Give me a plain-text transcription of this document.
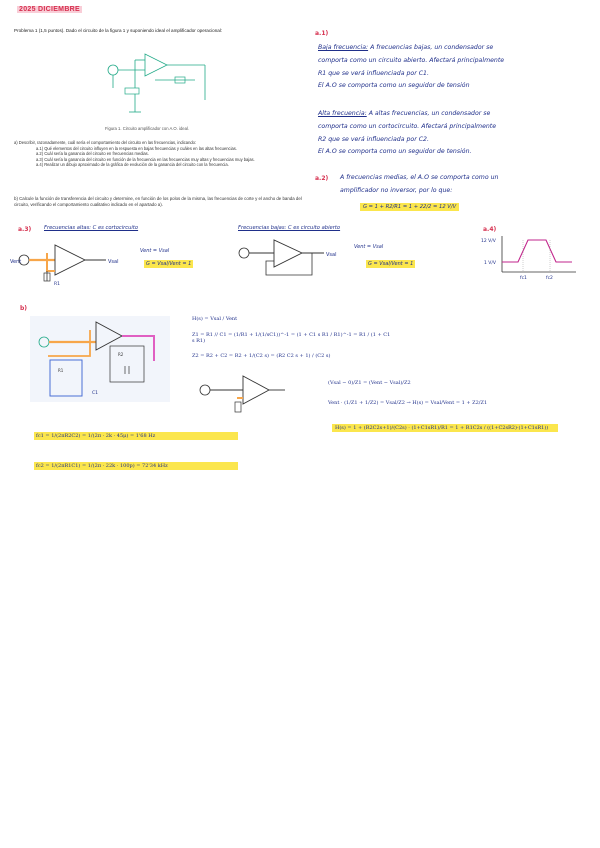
2025 DICIEMBRE
Problema 1 (1,5 puntos). Dado el circuito de la figura 1 y suponiendo ideal el amplificador operacional:
Figura 1. Circuito amplificador con A.O. ideal.
a) Describir, razonadamente, cuál sería el comportamiento del circuito en las frecuencias, indicando:
a.1) Qué elementos del circuito influyen en la respuesta en bajas frecuencias y cuáles en las altas frecuencias.
a.2) Cuál sería la ganancia del circuito en frecuencias medias.
a.3) Cuál sería la ganancia del circuito en función de la frecuencia en las frecuencias muy altas y frecuencias muy bajas.
a.4) Realizar un dibujo aproximado de la gráfica de evolución de la ganancia del circuito con la frecuencia.
b) Calcule la función de transferencia del circuito y determine, en función de los polos de la misma, las frecuencias de corte y el ancho de banda del circuito, verificando el comportamiento cualitativo indicado en el apartado a).
a.1)
Baja frecuencia: A frecuencias bajas, un condensador se
comporta como un circuito abierto. Afectará principalmente
R1 que se verá influenciada por C1.
El A.O se comporta como un seguidor de tensión
Alta frecuencia: A altas frecuencias, un condensador se
comporta como un cortocircuito. Afectará principalmente
R2 que se verá influenciada por C2.
El A.O se comporta como un seguidor de tensión.
a.2) A frecuencias medias, el A.O se comporta como un
amplificador no inversor, por lo que:
G = 1 + R2/R1 = 1 + 22/2 = 12 V/V
a.3) Frecuencias altas: C es cortocircuito	Frecuencias bajas: C es circuito abierto
Vent	Vsal
R1
Vent = Vsal
G = Vsal/Vent = 1
Vsal
Vent = Vsal
G = Vsal/Vent = 1
a.4)
12 V/V
1 V/V
fc1	fc2
b)
R2
R1
C1
H(s) = Vsal / Vent
Z1 = R1 // C1 = (1/R1 + 1/(1/sC1))^-1 = (1 + C1 s R1 / R1)^-1 = R1 / (1 + C1 s R1)
Z2 = R2 + C2 = R2 + 1/(C2 s) = (R2 C2 s + 1) / (C2 s)
(Vsal − 0)/Z1 = (Vent − Vsal)/Z2
Vent · (1/Z1 + 1/Z2) = Vsal/Z2 → H(s) = Vsal/Vent = 1 + Z2/Z1
H(s) = 1 + (R2C2s+1)/(C2s) · (1+C1sR1)/R1 = 1 + R1C2s / ((1+C2sR2)·(1+C1sR1))
fc1 = 1/(2πR2C2) = 1/(2π · 2k · 45μ) = 1'68 Hz
fc2 = 1/(2πR1C1) = 1/(2π · 22k · 100p) = 72'34 kHz
